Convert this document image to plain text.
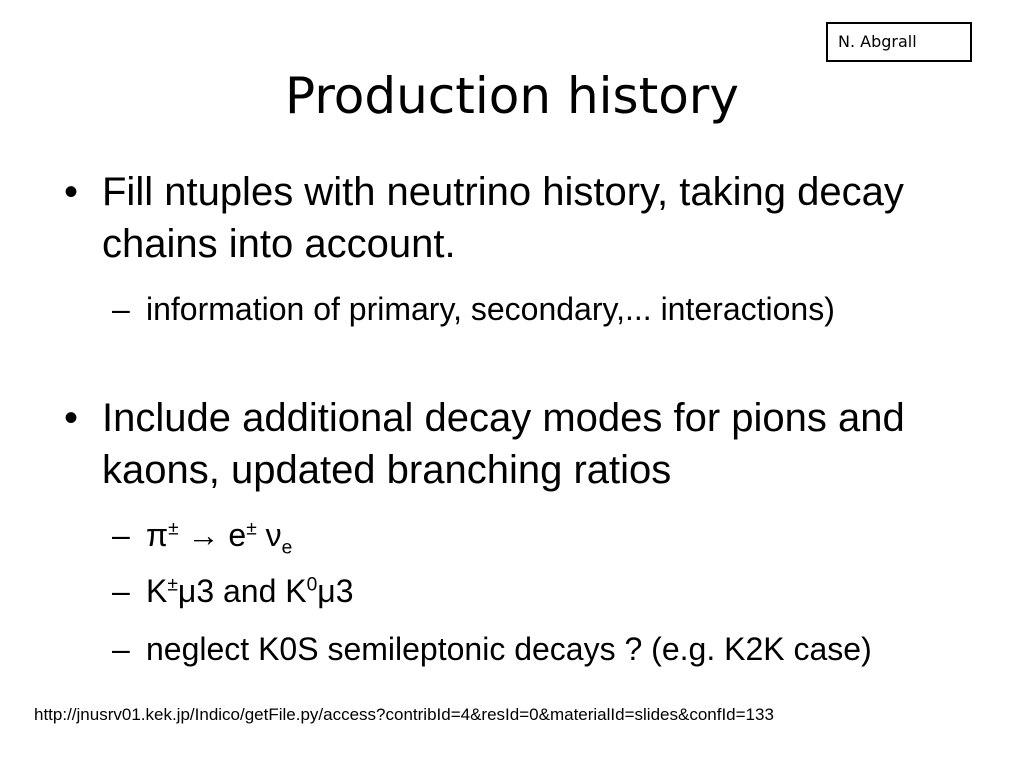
N. Abgrall
Production history
• Fill ntuples with neutrino history, taking decay chains into account.
– information of primary, secondary,... interactions)
• Include additional decay modes for pions and kaons, updated branching ratios
– π± → e± $\nu_e$
– K±μ3 and $K^0\mu 3$
– neglect K0S semileptonic decays ? (e.g. K2K case)
http://jnusrv01.kek.jp/Indico/getFile.py/access?contribId=4&resId=0&materialId=slides&confId=133
